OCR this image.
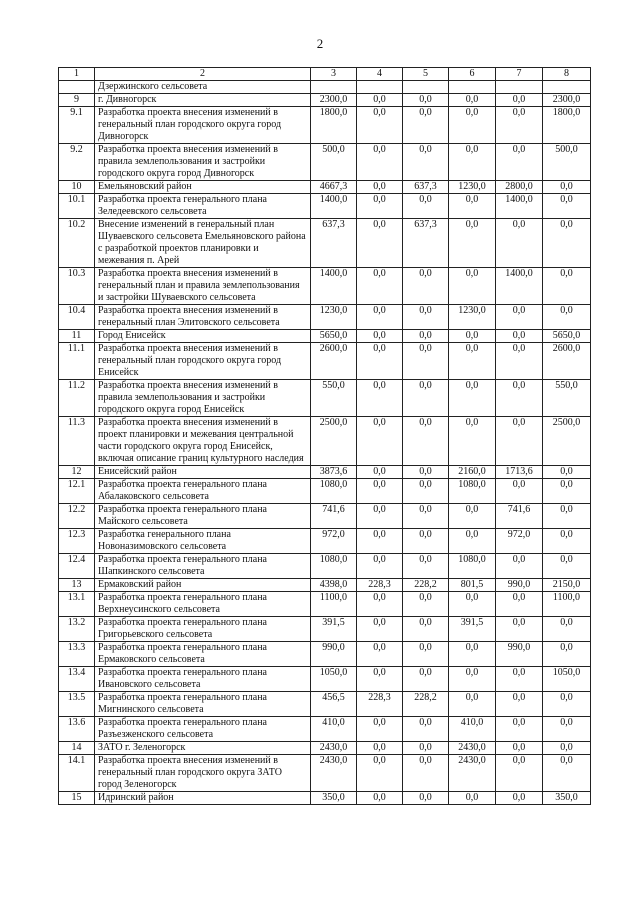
2
1	2	3	4	5	6	7	8
	Дзержинского сельсовета						
9	г. Дивногорск	2300,0	0,0	0,0	0,0	0,0	2300,0
9.1	Разработка проекта внесения изменений в генеральный план городского округа город Дивногорск	1800,0	0,0	0,0	0,0	0,0	1800,0
9.2	Разработка проекта внесения изменений в правила землепользования и застройки городского округа город Дивногорск	500,0	0,0	0,0	0,0	0,0	500,0
10	Емельяновский район	4667,3	0,0	637,3	1230,0	2800,0	0,0
10.1	Разработка проекта генерального плана Зеледеевского сельсовета	1400,0	0,0	0,0	0,0	1400,0	0,0
10.2	Внесение изменений в генеральный план Шуваевского сельсовета Емельяновского района с разработкой проектов планировки и межевания п. Арей	637,3	0,0	637,3	0,0	0,0	0,0
10.3	Разработка проекта внесения изменений в генеральный план и правила землепользования и застройки Шуваевского сельсовета	1400,0	0,0	0,0	0,0	1400,0	0,0
10.4	Разработка проекта внесения изменений в генеральный план Элитовского сельсовета	1230,0	0,0	0,0	1230,0	0,0	0,0
11	Город Енисейск	5650,0	0,0	0,0	0,0	0,0	5650,0
11.1	Разработка проекта внесения изменений в генеральный план городского округа город Енисейск	2600,0	0,0	0,0	0,0	0,0	2600,0
11.2	Разработка проекта внесения изменений в правила землепользования и застройки городского округа город Енисейск	550,0	0,0	0,0	0,0	0,0	550,0
11.3	Разработка проекта внесения изменений в проект планировки и межевания центральной части городского округа город Енисейск, включая описание границ культурного наследия	2500,0	0,0	0,0	0,0	0,0	2500,0
12	Енисейский район	3873,6	0,0	0,0	2160,0	1713,6	0,0
12.1	Разработка проекта генерального плана Абалаковского сельсовета	1080,0	0,0	0,0	1080,0	0,0	0,0
12.2	Разработка проекта генерального плана Майского сельсовета	741,6	0,0	0,0	0,0	741,6	0,0
12.3	Разработка генерального плана Новоназимовского сельсовета	972,0	0,0	0,0	0,0	972,0	0,0
12.4	Разработка проекта генерального плана Шапкинского сельсовета	1080,0	0,0	0,0	1080,0	0,0	0,0
13	Ермаковский район	4398,0	228,3	228,2	801,5	990,0	2150,0
13.1	Разработка проекта генерального плана Верхнеусинского сельсовета	1100,0	0,0	0,0	0,0	0,0	1100,0
13.2	Разработка проекта генерального плана Григорьевского сельсовета	391,5	0,0	0,0	391,5	0,0	0,0
13.3	Разработка проекта генерального плана Ермаковского сельсовета	990,0	0,0	0,0	0,0	990,0	0,0
13.4	Разработка проекта генерального плана Ивановского сельсовета	1050,0	0,0	0,0	0,0	0,0	1050,0
13.5	Разработка проекта генерального плана Мигнинского сельсовета	456,5	228,3	228,2	0,0	0,0	0,0
13.6	Разработка проекта генерального плана Разъезженского сельсовета	410,0	0,0	0,0	410,0	0,0	0,0
14	ЗАТО г. Зеленогорск	2430,0	0,0	0,0	2430,0	0,0	0,0
14.1	Разработка проекта внесения изменений в генеральный план городского округа ЗАТО город Зеленогорск	2430,0	0,0	0,0	2430,0	0,0	0,0
15	Идринский район	350,0	0,0	0,0	0,0	0,0	350,0
